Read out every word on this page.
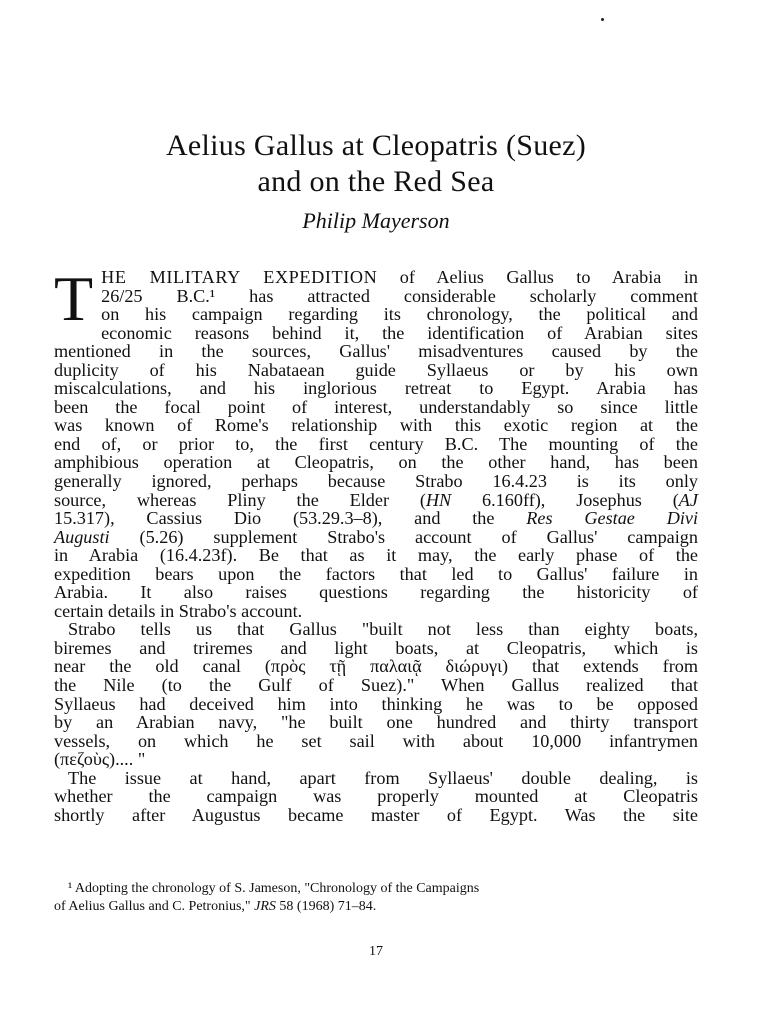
Aelius Gallus at Cleopatris (Suez)
and on the Red Sea
Philip Mayerson
T HE MILITARY EXPEDITION of Aelius Gallus to Arabia in
26/25 B.C.¹ has attracted considerable scholarly comment
on his campaign regarding its chronology, the political and
economic reasons behind it, the identification of Arabian sites
mentioned in the sources, Gallus' misadventures caused by the
duplicity of his Nabataean guide Syllaeus or by his own
miscalculations, and his inglorious retreat to Egypt. Arabia has
been the focal point of interest, understandably so since little
was known of Rome's relationship with this exotic region at the
end of, or prior to, the first century B.C. The mounting of the
amphibious operation at Cleopatris, on the other hand, has been
generally ignored, perhaps because Strabo 16.4.23 is its only
source, whereas Pliny the Elder (HN 6.160ff), Josephus (AJ
15.317), Cassius Dio (53.29.3–8), and the Res Gestae Divi
Augusti (5.26) supplement Strabo's account of Gallus' campaign
in Arabia (16.4.23f). Be that as it may, the early phase of the
expedition bears upon the factors that led to Gallus' failure in
Arabia. It also raises questions regarding the historicity of
certain details in Strabo's account.
Strabo tells us that Gallus "built not less than eighty boats,
biremes and triremes and light boats, at Cleopatris, which is
near the old canal (πρὸς τῇ παλαιᾷ διώρυγι) that extends from
the Nile (to the Gulf of Suez)." When Gallus realized that
Syllaeus had deceived him into thinking he was to be opposed
by an Arabian navy, "he built one hundred and thirty transport
vessels, on which he set sail with about 10,000 infantrymen
(πεζοὺς).... "
The issue at hand, apart from Syllaeus' double dealing, is
whether the campaign was properly mounted at Cleopatris
shortly after Augustus became master of Egypt. Was the site
¹ Adopting the chronology of S. Jameson, "Chronology of the Campaigns
of Aelius Gallus and C. Petronius," JRS 58 (1968) 71–84.
17
